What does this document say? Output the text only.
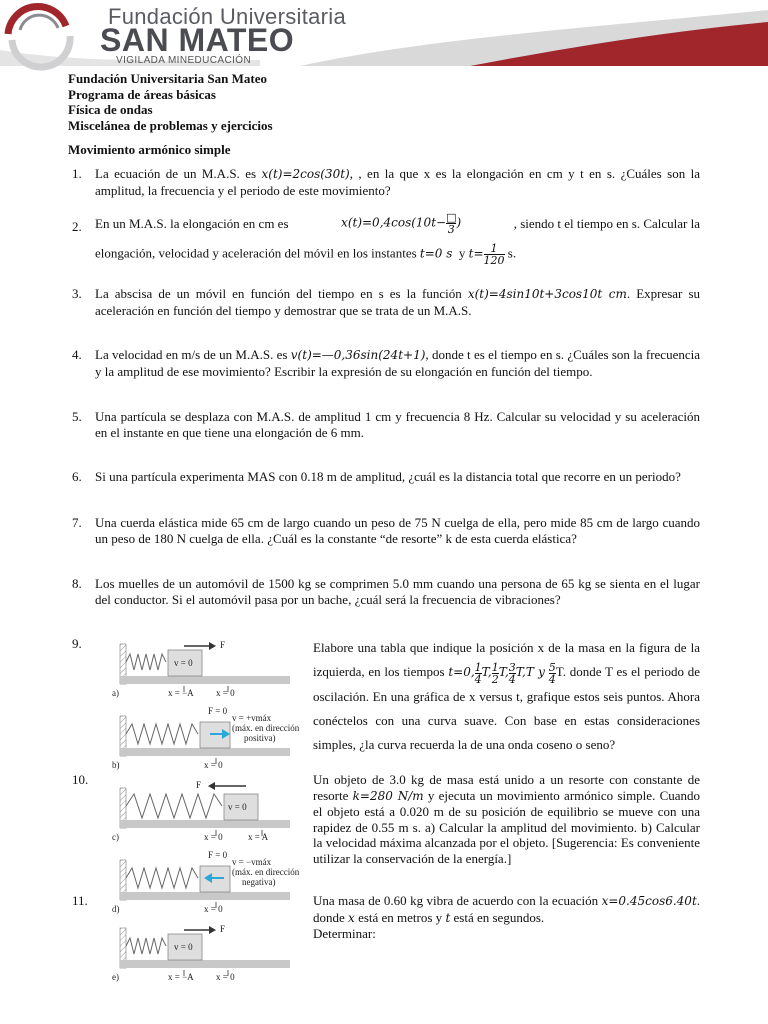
Fundación Universitaria
SAN MATEO
VIGILADA MINEDUCACIÓN
Fundación Universitaria San Mateo
Programa de áreas básicas
Física de ondas
Miscelánea de problemas y ejercicios
Movimiento armónico simple
1. La ecuación de un M.A.S. es x(t)=2cos(30t), , en la que x es la elongación en cm y t en s. ¿Cuáles son la amplitud, la frecuencia y el periodo de este movimiento?
2. En un M.A.S. la elongación en cm es	$x(t)=0,4\cos(10t- \frac{□}{3}$ )	, siendo t el tiempo en s. Calcular la
elongación, velocidad y aceleración del móvil en los instantes t=0 s y $t= \frac{1}{120} s$.
3. La abscisa de un móvil en función del tiempo en s es la función x(t)=4sin10t+3cos10t cm. Expresar su aceleración en función del tiempo y demostrar que se trata de un M.A.S.
4. La velocidad en m/s de un M.A.S. es v(t)=—0,36sin(24t+1), donde t es el tiempo en s. ¿Cuáles son la frecuencia y la amplitud de ese movimiento? Escribir la expresión de su elongación en función del tiempo.
5. Una partícula se desplaza con M.A.S. de amplitud 1 cm y frecuencia 8 Hz. Calcular su velocidad y su aceleración en el instante en que tiene una elongación de 6 mm.
6. Si una partícula experimenta MAS con 0.18 m de amplitud, ¿cuál es la distancia total que recorre en un periodo?
7. Una cuerda elástica mide 65 cm de largo cuando un peso de 75 N cuelga de ella, pero mide 85 cm de largo cuando un peso de 180 N cuelga de ella. ¿Cuál es la constante “de resorte” k de esta cuerda elástica?
8. Los muelles de un automóvil de 1500 kg se comprimen 5.0 mm cuando una persona de 65 kg se sienta en el lugar del conductor. Si el automóvil pasa por un bache, ¿cuál será la frecuencia de vibraciones?
9.	Elabore una tabla que indique la posición x de la masa en la figura de la izquierda, en los tiempos t=0, $\frac{1}{4} T$, $\frac{1}{2} T$, $\frac{3}{4} T,T$ y $\frac{5}{4} T$. donde T es el periodo de oscilación. En una gráfica de x versus t, grafique estos seis puntos. Ahora conéctelos con una curva suave. Con base en estas consideraciones simples, ¿la curva recuerda la de una onda coseno o seno?
10.	Un objeto de 3.0 kg de masa está unido a un resorte con constante de resorte k=280 N/m y ejecuta un movimiento armónico simple. Cuando el objeto está a 0.020 m de su posición de equilibrio se mueve con una rapidez de 0.55 m s. a) Calcular la amplitud del movimiento. b) Calcular la velocidad máxima alcanzada por el objeto. [Sugerencia: Es conveniente utilizar la conservación de la energía.]
11.	Una masa de 0.60 kg vibra de acuerdo con la ecuación x=0.45cos6.40t. donde x está en metros y t está en segundos.
Determinar:
v = 0
F
a)	x = −A x = 0
F = 0
v = +vmáx
(máx. en dirección
positiva)
b)	x = 0
v = 0
F
c)	x = 0	x = A
F = 0
v = −vmáx
(máx. en dirección
negativa)
d)	x = 0
v = 0
F
e)	x = −A x = 0
